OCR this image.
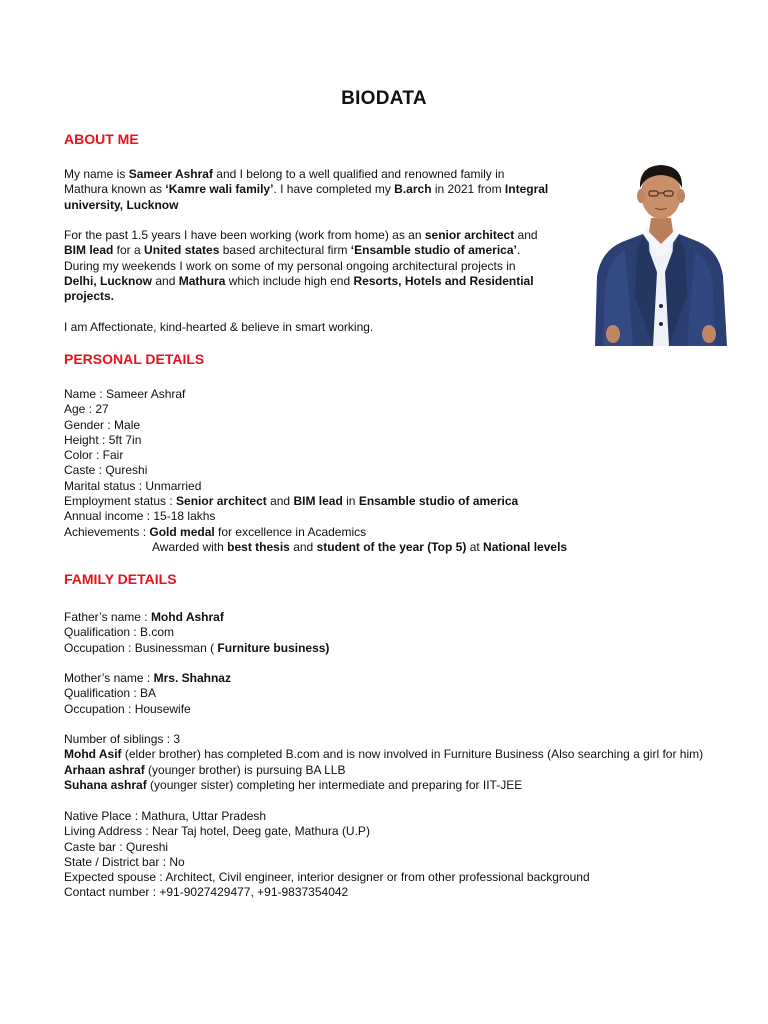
BIODATA
ABOUT ME
My name is Sameer Ashraf and I belong to a well qualified and renowned family in
Mathura known as ‘Kamre wali family’. I have completed my B.arch in 2021 from Integral
university, Lucknow
For the past 1.5 years I have been working (work from home) as an senior architect and
BIM lead for a United states based architectural firm ‘Ensamble studio of america’.
During my weekends I work on some of my personal ongoing architectural projects in
Delhi, Lucknow and Mathura which include high end Resorts, Hotels and Residential
projects.
I am Affectionate, kind-hearted & believe in smart working.
PERSONAL DETAILS
Name : Sameer Ashraf
Age : 27
Gender : Male
Height : 5ft 7in
Color : Fair
Caste : Qureshi
Marital status : Unmarried
Employment status : Senior architect and BIM lead in Ensamble studio of america
Annual income : 15-18 lakhs
Achievements : Gold medal for excellence in Academics
Awarded with best thesis and student of the year (Top 5) at National levels
FAMILY DETAILS
Father’s name : Mohd Ashraf
Qualification : B.com
Occupation : Businessman ( Furniture business)
Mother’s name : Mrs. Shahnaz
Qualification : BA
Occupation : Housewife
Number of siblings : 3
Mohd Asif (elder brother) has completed B.com and is now involved in Furniture Business (Also searching a girl for him)
Arhaan ashraf (younger brother) is pursuing BA LLB
Suhana ashraf (younger sister) completing her intermediate and preparing for IIT-JEE
Native Place : Mathura, Uttar Pradesh
Living Address : Near Taj hotel, Deeg gate, Mathura (U.P)
Caste bar : Qureshi
State / District bar : No
Expected spouse : Architect, Civil engineer, interior designer or from other professional background
Contact number : +91-9027429477, +91-9837354042
